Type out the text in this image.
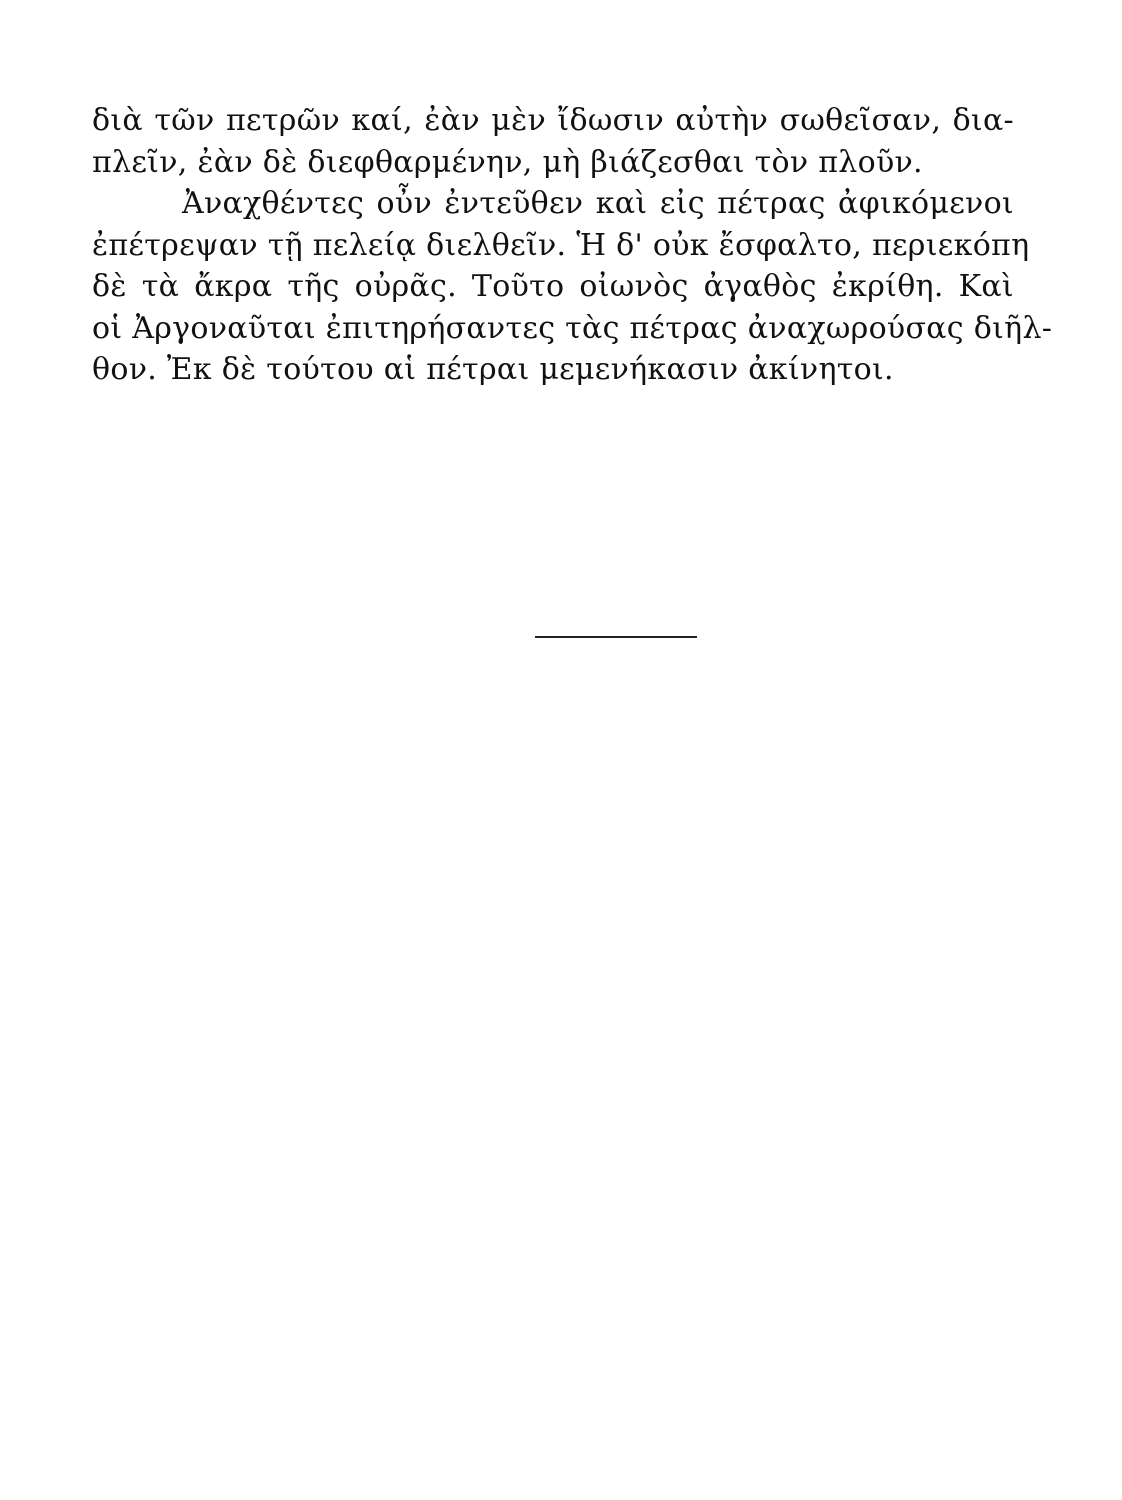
διὰ τῶν πετρῶν καί, ἐὰν μὲν ἴδωσιν αὐτὴν σωθεῖσαν, δια-
πλεῖν, ἐὰν δὲ διεφθαρμένην, μὴ βιάζεσθαι τὸν πλοῦν.
Ἀναχθέντες οὖν ἐντεῦθεν καὶ εἰς πέτρας ἀφικόμενοι
ἐπέτρεψαν τῇ πελείᾳ διελθεῖν. Ἡ δ' οὐκ ἔσφαλτο, περιεκόπη
δὲ τὰ ἄκρα τῆς οὐρᾶς. Τοῦτο οἰωνὸς ἀγαθὸς ἐκρίθη. Καὶ
οἱ Ἀργοναῦται ἐπιτηρήσαντες τὰς πέτρας ἀναχωρούσας διῆλ-
θον. Ἐκ δὲ τούτου αἱ πέτραι μεμενήκασιν ἀκίνητοι.
